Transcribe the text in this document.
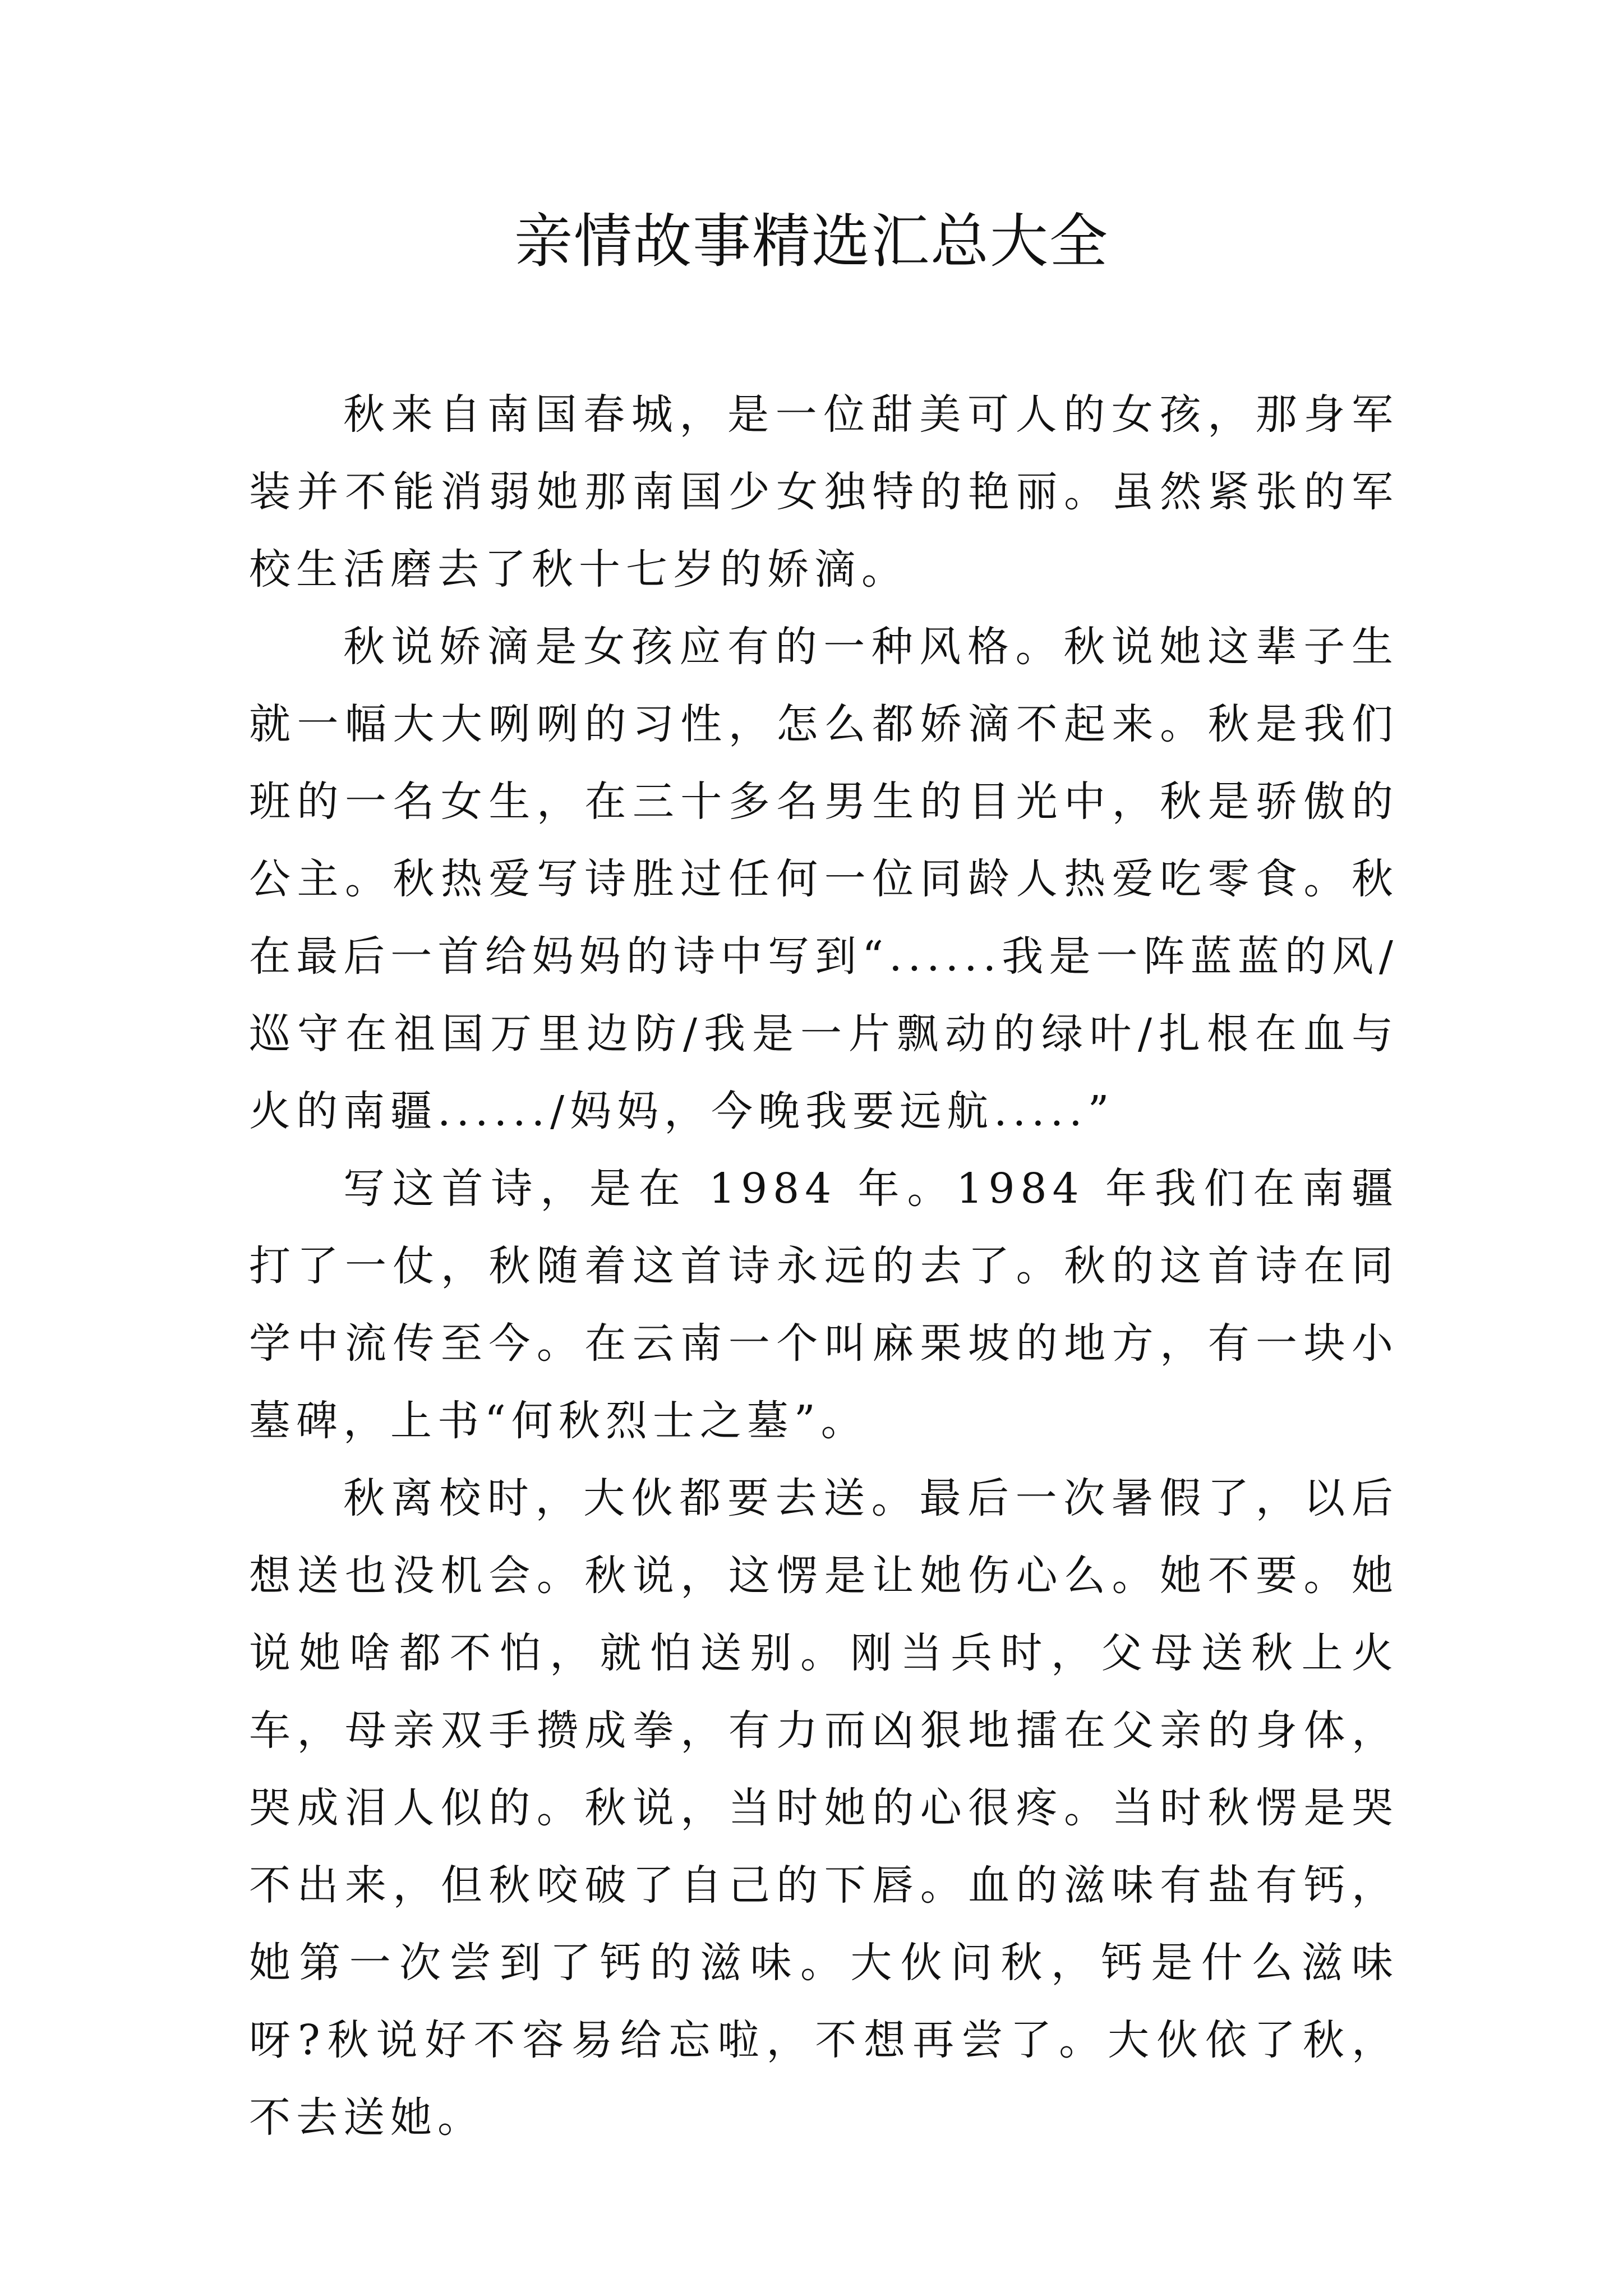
亲情故事精选汇总大全

秋来自南国春城，是一位甜美可人的女孩，那身军装并不能消弱她那南国少女独特的艳丽。虽然紧张的军校生活磨去了秋十七岁的娇滴。

秋说娇滴是女孩应有的一种风格。秋说她这辈子生就一幅大大咧咧的习性，怎么都娇滴不起来。秋是我们班的一名女生，在三十多名男生的目光中，秋是骄傲的公主。秋热爱写诗胜过任何一位同龄人热爱吃零食。秋在最后一首给妈妈的诗中写到“......我是一阵蓝蓝的风/巡守在祖国万里边防/我是一片飘动的绿叶/扎根在血与火的南疆....../妈妈，今晚我要远航.....”

写这首诗，是在 1984 年。1984 年我们在南疆打了一仗，秋随着这首诗永远的去了。秋的这首诗在同学中流传至今。在云南一个叫麻栗坡的地方，有一块小墓碑，上书“何秋烈士之墓”。

秋离校时，大伙都要去送。最后一次暑假了，以后想送也没机会。秋说，这愣是让她伤心么。她不要。她说她啥都不怕，就怕送别。刚当兵时，父母送秋上火车，母亲双手攒成拳，有力而凶狠地擂在父亲的身体，哭成泪人似的。秋说，当时她的心很疼。当时秋愣是哭不出来，但秋咬破了自己的下唇。血的滋味有盐有钙，她第一次尝到了钙的滋味。大伙问秋，钙是什么滋味呀?秋说好不容易给忘啦，不想再尝了。大伙依了秋，不去送她。
